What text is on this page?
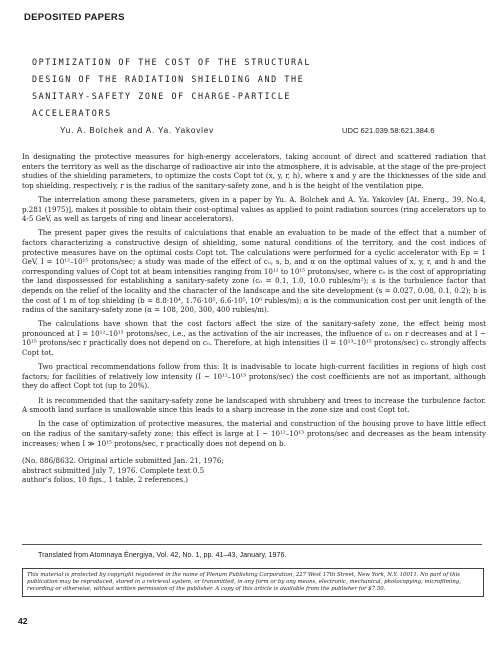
DEPOSITED PAPERS
OPTIMIZATION OF THE COST OF THE STRUCTURAL
DESIGN OF THE RADIATION SHIELDING AND THE
SANITARY-SAFETY ZONE OF CHARGE-PARTICLE
ACCELERATORS
Yu. A. Bolchek and A. Ya. Yakovlev	UDC 621.039.58:621.384.6

In designating the protective measures for high-energy accelerators, taking account of direct and scattered radiation that enters the territory as well as the discharge of radioactive air into the atmosphere, it is advisable, at the stage of the pre-project studies of the shielding parameters, to optimize the costs Copt tot (x, y, r, h), where x and y are the thicknesses of the side and top shielding, respectively, r is the radius of the sanitary-safety zone, and h is the height of the ventilation pipe.

The interrelation among these parameters, given in a paper by Yu. A. Bolchek and A. Ya. Yakovlev [At. Energ., 39, No.4, p.281 (1975)], makes it possible to obtain their cost-optimal values as applied to point radiation sources (ring accelerators up to 4-5 GeV, as well as targets of ring and linear accelerators).

The present paper gives the results of calculations that enable an evaluation to be made of the effect that a number of factors characterizing a constructive design of shielding, some natural conditions of the territory, and the cost indices of protective measures have on the optimal costs Copt tot. The calculations were performed for a cyclic accelerator with Ep = 1 GeV, I = 10¹²–10¹⁵ protons/sec; a study was made of the effect of c₀, s, b, and α on the optimal values of x, y, r, and h and the corresponding values of Copt tot at beam intensities ranging from 10¹² to 10¹⁵ protons/sec, where c₀ is the cost of appropriating the land dispossessed for establishing a sanitary-safety zone (c₀ = 0.1, 1.0, 10.0 rubles/m²); s is the turbulence factor that depends on the relief of the locality and the character of the landscape and the site development (s = 0.027, 0.08, 0.1, 0.2); b is the cost of 1 m of top shielding (b = 8.8·10⁴, 1.76·10⁵, 6.6·10⁵, 10⁶ rubles/m); α is the communication cost per unit length of the radius of the sanitary-safety zone (α = 108, 200, 300, 400 rubles/m).

The calculations have shown that the cost factors affect the size of the sanitary-safety zone, the effect being most pronounced at I = 10¹²–10¹³ protons/sec, i.e., as the activation of the air increases, the influence of c₀ on r decreases and at I ~ 10¹⁵ protons/sec r practically does not depend on c₀. Therefore, at high intensities (I = 10¹³–10¹⁵ protons/sec) c₀ strongly affects Copt tot.

Two practical recommendations follow from this: It is inadvisable to locate high-current facilities in regions of high cost factors; for facilities of relatively low intensity (I ~ 10¹²–10¹³ protons/sec) the cost coefficients are not as important, although they do affect Copt tot (up to 20%).

It is recommended that the sanitary-safety zone be landscaped with shrubbery and trees to increase the turbulence factor. A smooth land surface is unallowable since this leads to a sharp increase in the zone size and cost Copt tot.

In the case of optimization of protective measures, the material and construction of the housing prove to have little effect on the radius of the sanitary-safety zone; this effect is large at I ~ 10¹²–10¹³ protons/sec and decreases as the beam intensity increases; when I ≫ 10¹⁵ protons/sec, r practically does not depend on b.

(No. 886/8632. Original article submitted Jan. 21, 1976;
abstract submitted July 7, 1976. Complete text 0.5
author's folios, 10 figs., 1 table, 2 references.)
Translated from Atomnaya Énergiya, Vol. 42, No. 1, pp. 41–43, January, 1976.
This material is protected by copyright registered in the name of Plenum Publishing Corporation, 227 West 17th Street, New York, N.Y. 10011. No part of this publication may be reproduced, stored in a retrieval system, or transmitted, in any form or by any means, electronic, mechanical, photocopying, microfilming, recording or otherwise, without written permission of the publisher. A copy of this article is available from the publisher for $7.50.
42
